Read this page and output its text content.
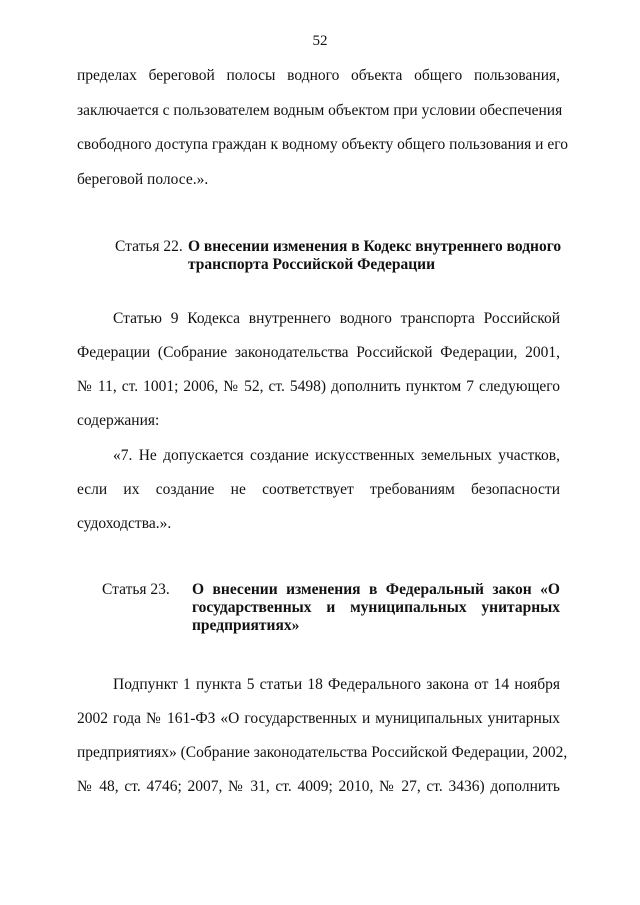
52
пределах береговой полосы водного объекта общего пользования,
заключается с пользователем водным объектом при условии обеспечения
свободного доступа граждан к водному объекту общего пользования и его
береговой полосе.».
Статья 22. О внесении изменения в Кодекс внутреннего водного
транспорта Российской Федерации
Статью 9 Кодекса внутреннего водного транспорта Российской
Федерации (Собрание законодательства Российской Федерации, 2001,
№ 11, ст. 1001; 2006, № 52, ст. 5498) дополнить пунктом 7 следующего
содержания:
«7. Не допускается создание искусственных земельных участков,
если их создание не соответствует требованиям безопасности
судоходства.».
Статья 23. О внесении изменения в Федеральный закон «О
государственных и муниципальных унитарных
предприятиях»
Подпункт 1 пункта 5 статьи 18 Федерального закона от 14 ноября
2002 года № 161-ФЗ «О государственных и муниципальных унитарных
предприятиях» (Собрание законодательства Российской Федерации, 2002,
№ 48, ст. 4746; 2007, № 31, ст. 4009; 2010, № 27, ст. 3436) дополнить
